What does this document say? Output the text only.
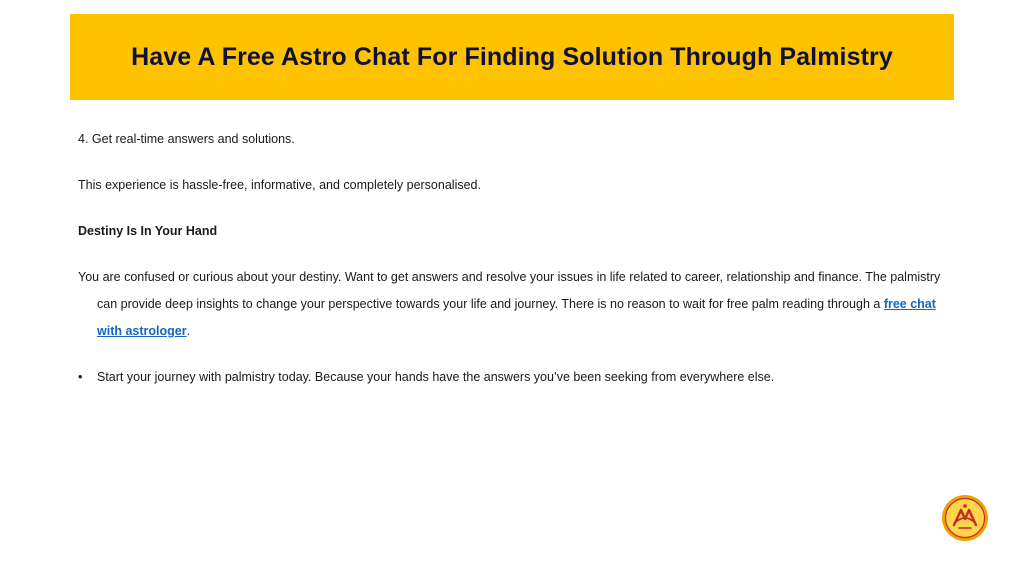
Have A Free Astro Chat For Finding Solution Through Palmistry

4. Get real-time answers and solutions.

This experience is hassle-free, informative, and completely personalised.

Destiny Is In Your Hand

You are confused or curious about your destiny. Want to get answers and resolve your issues in life related to career, relationship and finance. The palmistry can provide deep insights to change your perspective towards your life and journey. There is no reason to wait for free palm reading through a free chat with astrologer.

•	Start your journey with palmistry today. Because your hands have the answers you’ve been seeking from everywhere else.
